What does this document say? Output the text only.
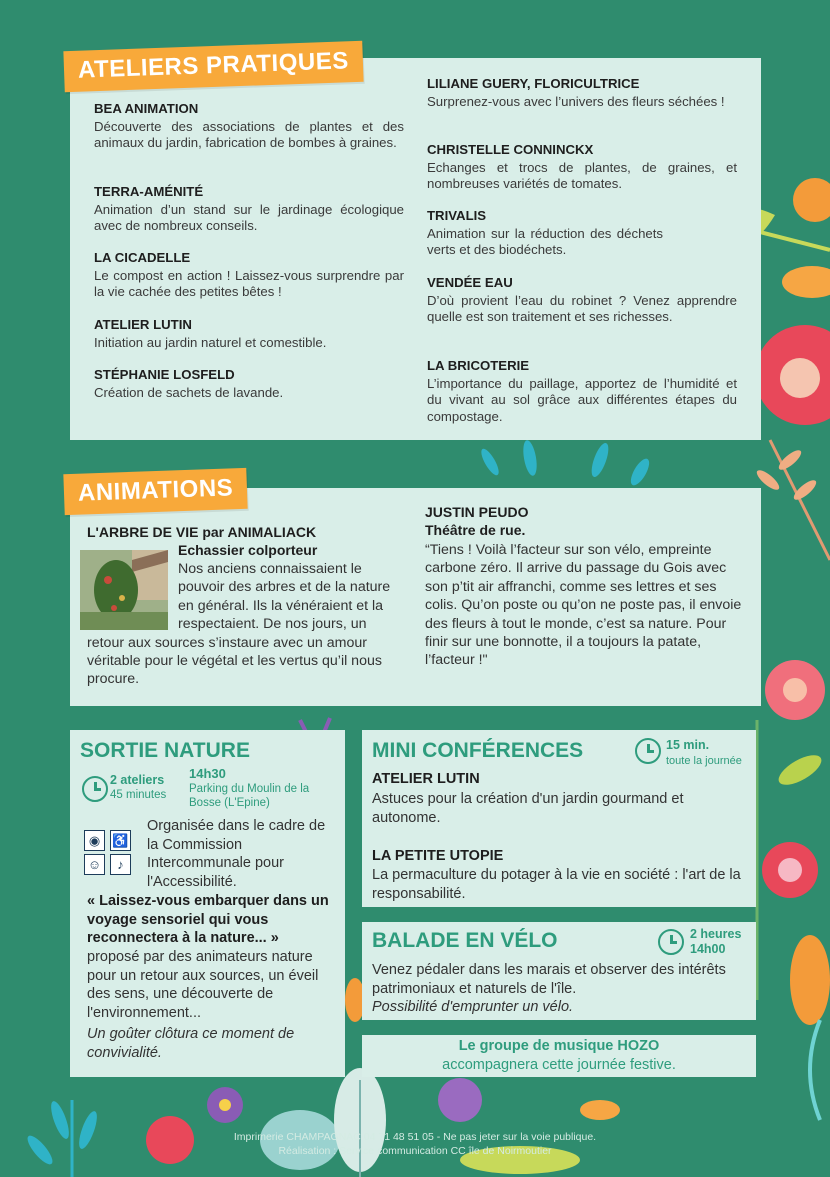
ATELIERS PRATIQUES
BEA ANIMATION
Découverte des associations de plantes et des animaux du jardin, fabrication de bombes à graines.
TERRA-AMÉNITÉ
Animation d’un stand sur le jardinage écologique avec de nombreux conseils.
LA CICADELLE
Le compost en action ! Laissez-vous surprendre par la vie cachée des petites bêtes !
ATELIER LUTIN
Initiation au jardin naturel et comestible.
STÉPHANIE LOSFELD
Création de sachets de lavande.
LILIANE GUERY, FLORICULTRICE
Surprenez-vous avec l’univers des fleurs séchées !
CHRISTELLE CONNINCKX
Echanges et trocs de plantes, de graines, et nombreuses variétés de tomates.
TRIVALIS
Animation sur la réduction des déchets verts et des biodéchets.
VENDÉE EAU
D’où provient l’eau du robinet ? Venez apprendre quelle est son traitement et ses richesses.
LA BRICOTERIE
L’importance du paillage, apportez de l’humidité et du vivant au sol grâce aux différentes étapes du compostage.
ANIMATIONS
L'ARBRE DE VIE par ANIMALIACK
Echassier colporteur
Nos anciens connaissaient le pouvoir des arbres et de la nature en général. Ils la vénéraient et la respectaient. De nos jours, un retour aux sources s’instaure avec un amour véritable pour le végétal et les vertus qu’il nous procure.
JUSTIN PEUDO
Théâtre de rue.
“Tiens ! Voilà l’facteur sur son vélo, empreinte carbone zéro. Il arrive du passage du Gois avec son p’tit air affranchi, comme ses lettres et ses colis. Qu’on poste ou qu’on ne poste pas, il envoie des fleurs à tout le monde, c’est sa nature. Pour finir sur une bonnotte, il a toujours la patate, l’facteur !"
SORTIE NATURE
2 ateliers
45 minutes
14h30
Parking du Moulin de la Bosse (L'Epine)
◉ ♿
☺	♪
Organisée dans le cadre de la Commission Intercommunale pour l'Accessibilité.
« Laissez-vous embarquer dans un voyage sensoriel qui vous reconnectera à la nature... »
proposé par des animateurs nature pour un retour aux sources, un éveil des sens, une découverte de l'environnement...
Un goûter clôtura ce moment de convivialité.
MINI CONFÉRENCES	15 min.
toute la journée
ATELIER LUTIN
Astuces pour la création d'un jardin gourmand et autonome.
LA PETITE UTOPIE
La permaculture du potager à la vie en société : l'art de la responsabilité.
BALADE EN VÉLO	2 heures
14h00
Venez pédaler dans les marais et observer des intérêts patrimoniaux et naturels de l'île.
Possibilité d'emprunter un vélo.
Le groupe de musique HOZO
accompagnera cette journée festive.
Imprimerie CHAMPAGNAC 04 71 48 51 05 - Ne pas jeter sur la voie publique.
Réalisation : Service communication CC île de Noirmoutier
